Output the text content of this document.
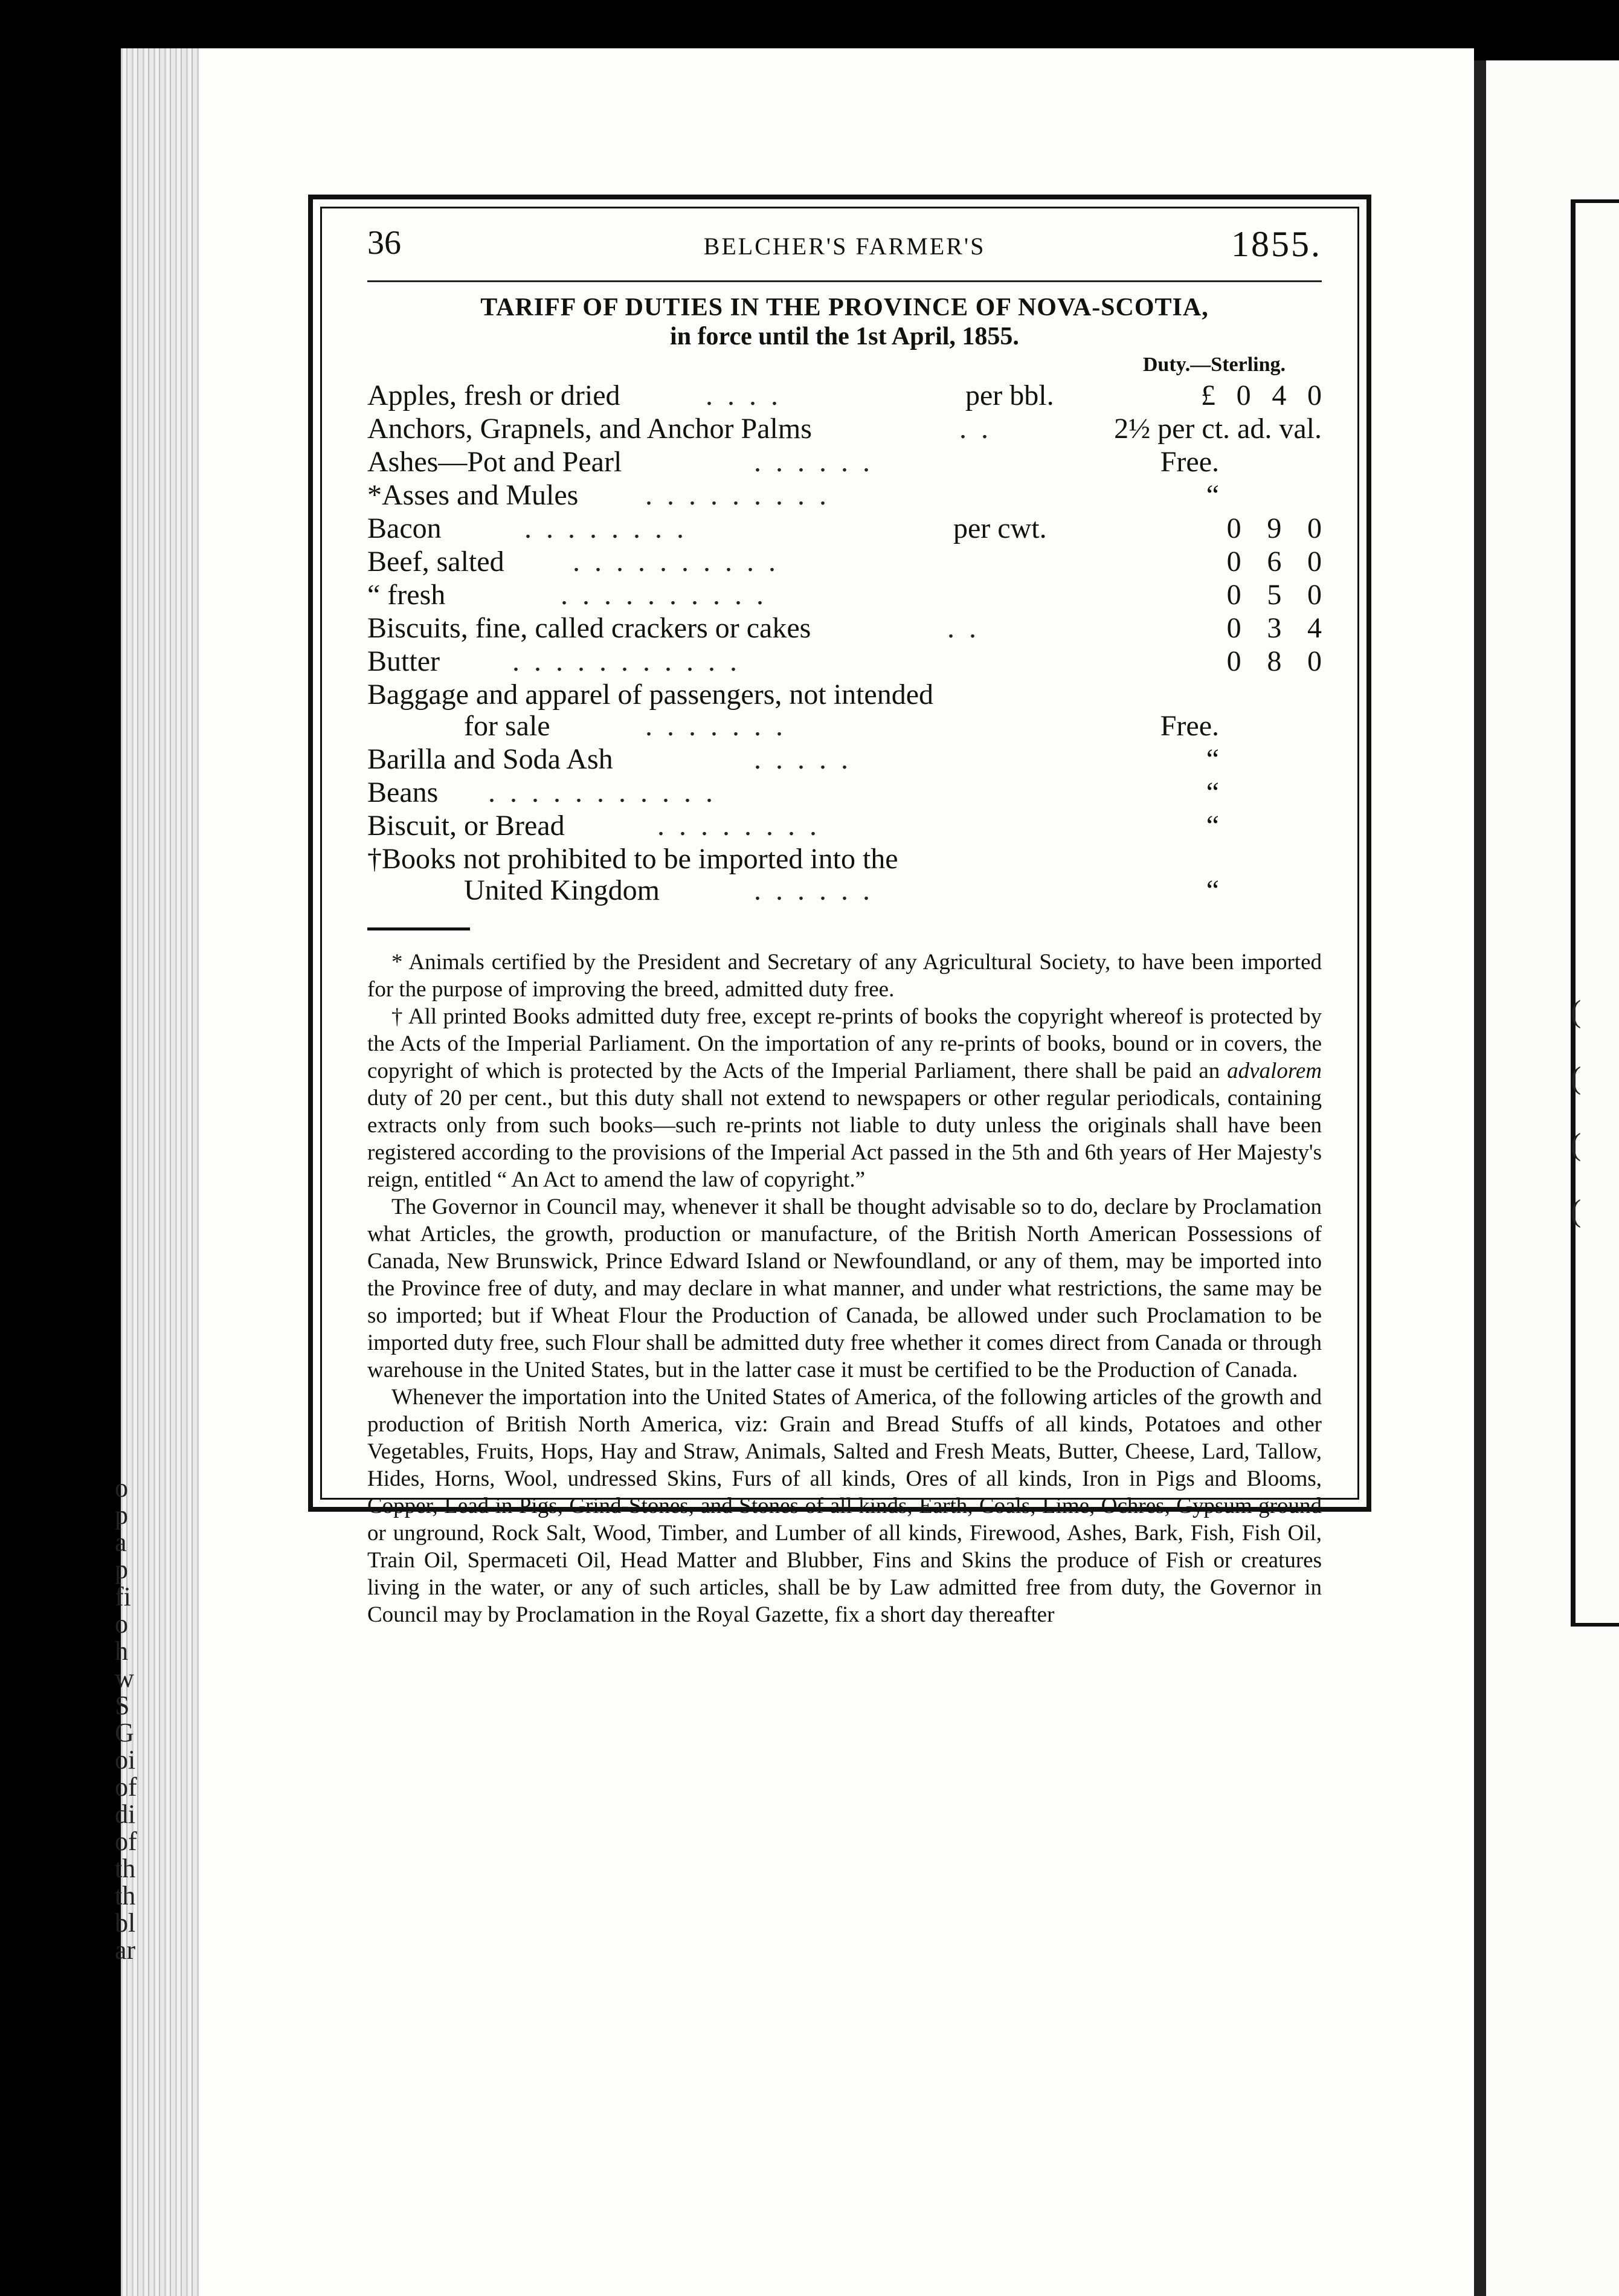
o
p
a
p
fi
o
h
w
S
G
oi
of
di
of
th
th
bl
ar
(
(
(
(
36	BELCHER'S FARMER'S	1855.
TARIFF OF DUTIES IN THE PROVINCE OF NOVA-SCOTIA,
in force until the 1st April, 1855.
Duty.—Sterling.
Apples, fresh or dried	....	per bbl.	£ 0 4 0
Anchors, Grapnels, and Anchor Palms	..	2½ per ct. ad. val.
Ashes—Pot and Pearl	......	Free.
*Asses and Mules .........	“
Bacon	........	per cwt.	0 9 0
Beef, salted ..........	0 6 0
“ fresh	..........	0 5 0
Biscuits, fine, called crackers or cakes	..	0 3 4
Butter	...........	0 8 0
Baggage and apparel of passengers, not intended
for sale	.......	Free.
Barilla and Soda Ash	.....	“
Beans ...........	“
Biscuit, or Bread	........	“
†Books not prohibited to be imported into the
United Kingdom	......	“

* Animals certified by the President and Secretary of any Agricultural Society, to have been imported for the purpose of improving the breed, admitted duty free.

† All printed Books admitted duty free, except re-prints of books the copyright whereof is protected by the Acts of the Imperial Parliament. On the importation of any re-prints of books, bound or in covers, the copyright of which is protected by the Acts of the Imperial Parliament, there shall be paid an advalorem duty of 20 per cent., but this duty shall not extend to newspapers or other regular periodicals, containing extracts only from such books—such re-prints not liable to duty unless the originals shall have been registered according to the provisions of the Imperial Act passed in the 5th and 6th years of Her Majesty's reign, entitled “ An Act to amend the law of copyright.”

The Governor in Council may, whenever it shall be thought advisable so to do, declare by Proclamation what Articles, the growth, production or manufacture, of the British North American Possessions of Canada, New Brunswick, Prince Edward Island or Newfoundland, or any of them, may be imported into the Province free of duty, and may declare in what manner, and under what restrictions, the same may be so imported; but if Wheat Flour the Production of Canada, be allowed under such Proclamation to be imported duty free, such Flour shall be admitted duty free whether it comes direct from Canada or through warehouse in the United States, but in the latter case it must be certified to be the Production of Canada.

Whenever the importation into the United States of America, of the following articles of the growth and production of British North America, viz: Grain and Bread Stuffs of all kinds, Potatoes and other Vegetables, Fruits, Hops, Hay and Straw, Animals, Salted and Fresh Meats, Butter, Cheese, Lard, Tallow, Hides, Horns, Wool, undressed Skins, Furs of all kinds, Ores of all kinds, Iron in Pigs and Blooms, Copper, Lead in Pigs, Grind-Stones, and Stones of all kinds, Earth, Coals, Lime, Ochres, Gypsum ground or unground, Rock Salt, Wood, Timber, and Lumber of all kinds, Firewood, Ashes, Bark, Fish, Fish Oil, Train Oil, Spermaceti Oil, Head Matter and Blubber, Fins and Skins the produce of Fish or creatures living in the water, or any of such articles, shall be by Law admitted free from duty, the Governor in Council may by Proclamation in the Royal Gazette, fix a short day thereafter
